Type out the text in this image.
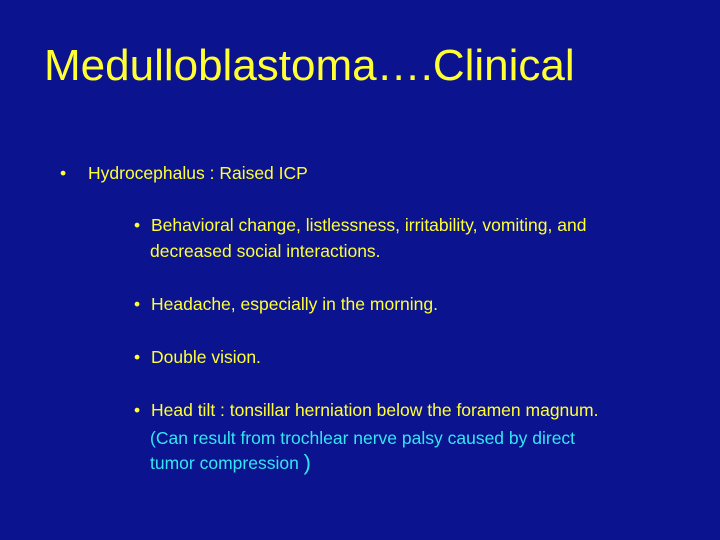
Medulloblastoma….Clinical
• Hydrocephalus : Raised ICP
• Behavioral change, listlessness, irritability, vomiting, and
decreased social interactions.
• Headache, especially in the morning.
• Double vision.
• Head tilt : tonsillar herniation below the foramen magnum.
(Can result from trochlear nerve palsy caused by direct
tumor compression )
